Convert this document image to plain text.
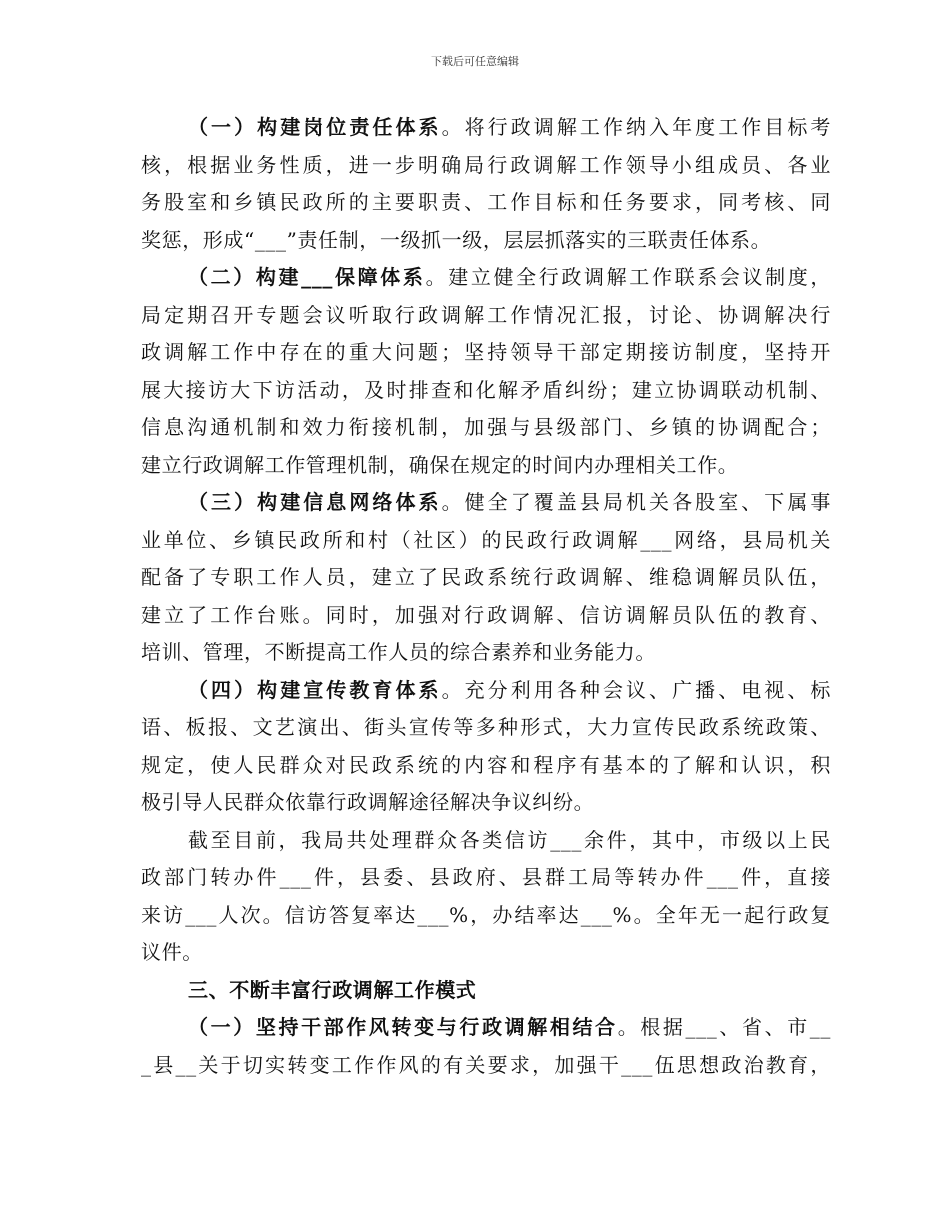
下载后可任意编辑
（一）构建岗位责任体系。将行政调解工作纳入年度工作目标考
核，根据业务性质，进一步明确局行政调解工作领导小组成员、各业
务股室和乡镇民政所的主要职责、工作目标和任务要求，同考核、同
奖惩，形成“___”责任制，一级抓一级，层层抓落实的三联责任体系。
（二）构建___保障体系。建立健全行政调解工作联系会议制度，
局定期召开专题会议听取行政调解工作情况汇报，讨论、协调解决行
政调解工作中存在的重大问题；坚持领导干部定期接访制度，坚持开
展大接访大下访活动，及时排查和化解矛盾纠纷；建立协调联动机制、
信息沟通机制和效力衔接机制，加强与县级部门、乡镇的协调配合；
建立行政调解工作管理机制，确保在规定的时间内办理相关工作。
（三）构建信息网络体系。健全了覆盖县局机关各股室、下属事
业单位、乡镇民政所和村（社区）的民政行政调解___网络，县局机关
配备了专职工作人员，建立了民政系统行政调解、维稳调解员队伍，
建立了工作台账。同时，加强对行政调解、信访调解员队伍的教育、
培训、管理，不断提高工作人员的综合素养和业务能力。
（四）构建宣传教育体系。充分利用各种会议、广播、电视、标
语、板报、文艺演出、街头宣传等多种形式，大力宣传民政系统政策、
规定，使人民群众对民政系统的内容和程序有基本的了解和认识，积
极引导人民群众依靠行政调解途径解决争议纠纷。
截至目前，我局共处理群众各类信访___余件，其中，市级以上民
政部门转办件___件，县委、县政府、县群工局等转办件___件，直接
来访___人次。信访答复率达___%，办结率达___%。全年无一起行政复
议件。
三、不断丰富行政调解工作模式
（一）坚持干部作风转变与行政调解相结合。根据___、省、市__
_县__关于切实转变工作作风的有关要求，加强干___伍思想政治教育，
